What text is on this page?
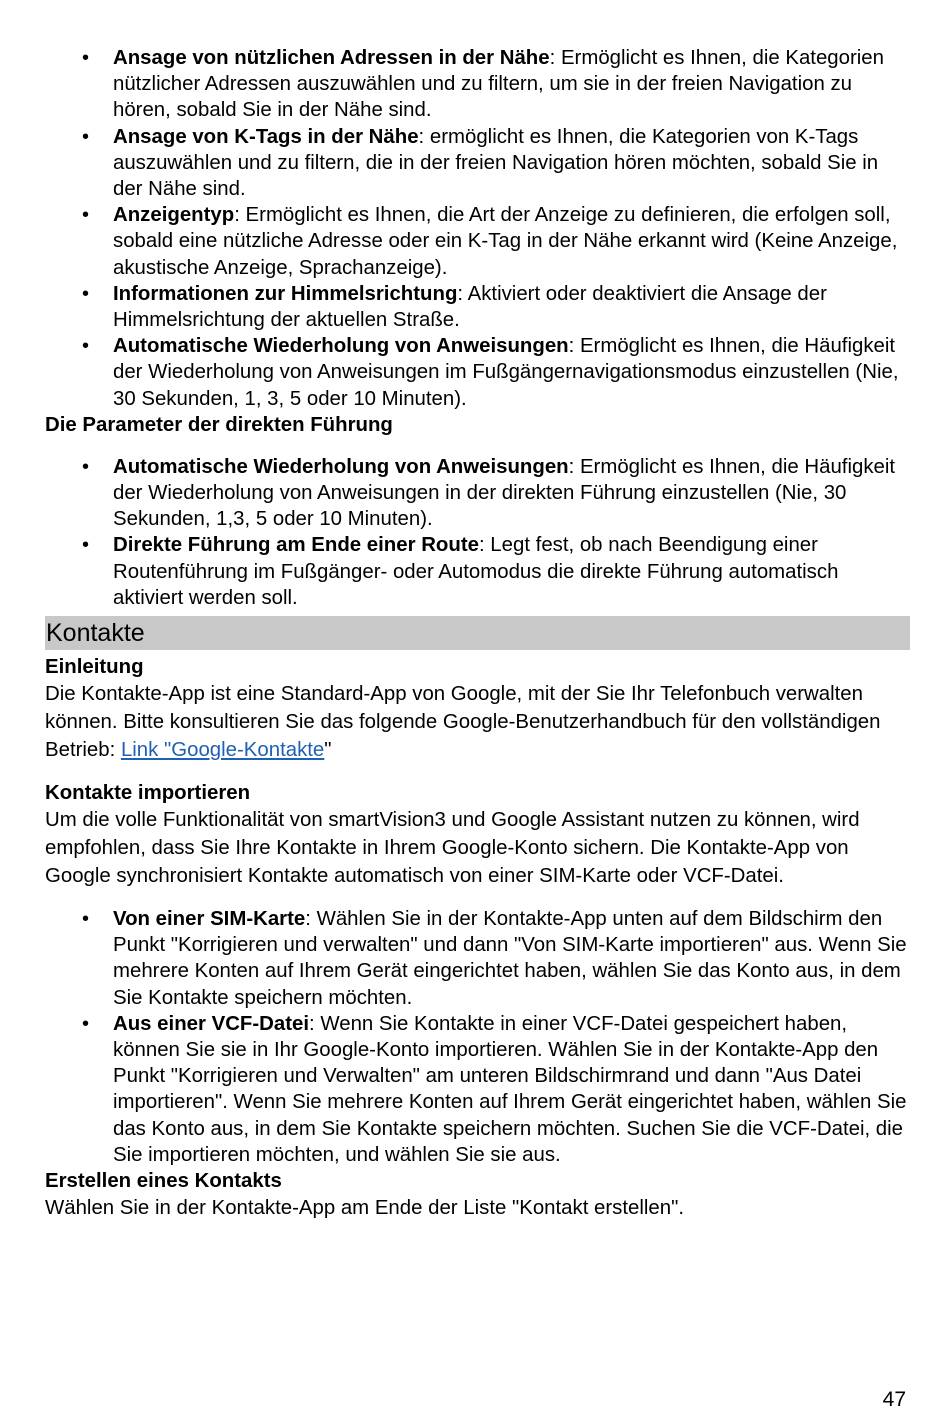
• Ansage von nützlichen Adressen in der Nähe: Ermöglicht es Ihnen, die Kategorien nützlicher Adressen auszuwählen und zu filtern, um sie in der freien Navigation zu hören, sobald Sie in der Nähe sind.
• Ansage von K-Tags in der Nähe: ermöglicht es Ihnen, die Kategorien von K-Tags auszuwählen und zu filtern, die in der freien Navigation hören möchten, sobald Sie in der Nähe sind.
• Anzeigentyp: Ermöglicht es Ihnen, die Art der Anzeige zu definieren, die erfolgen soll, sobald eine nützliche Adresse oder ein K-Tag in der Nähe erkannt wird (Keine Anzeige, akustische Anzeige, Sprachanzeige).
• Informationen zur Himmelsrichtung: Aktiviert oder deaktiviert die Ansage der Himmelsrichtung der aktuellen Straße.
• Automatische Wiederholung von Anweisungen: Ermöglicht es Ihnen, die Häufigkeit der Wiederholung von Anweisungen im Fußgängernavigationsmodus einzustellen (Nie, 30 Sekunden, 1, 3, 5 oder 10 Minuten).
Die Parameter der direkten Führung
• Automatische Wiederholung von Anweisungen: Ermöglicht es Ihnen, die Häufigkeit der Wiederholung von Anweisungen in der direkten Führung einzustellen (Nie, 30 Sekunden, 1,3, 5 oder 10 Minuten).
• Direkte Führung am Ende einer Route: Legt fest, ob nach Beendigung einer Routenführung im Fußgänger- oder Automodus die direkte Führung automatisch aktiviert werden soll.
Kontakte
Einleitung

Die Kontakte-App ist eine Standard-App von Google, mit der Sie Ihr Telefonbuch verwalten können. Bitte konsultieren Sie das folgende Google-Benutzerhandbuch für den vollständigen Betrieb: Link "Google-Kontakte"

Kontakte importieren

Um die volle Funktionalität von smartVision3 und Google Assistant nutzen zu können, wird empfohlen, dass Sie Ihre Kontakte in Ihrem Google-Konto sichern. Die Kontakte-App von Google synchronisiert Kontakte automatisch von einer SIM-Karte oder VCF-Datei.

• Von einer SIM-Karte: Wählen Sie in der Kontakte-App unten auf dem Bildschirm den Punkt "Korrigieren und verwalten" und dann "Von SIM-Karte importieren" aus. Wenn Sie mehrere Konten auf Ihrem Gerät eingerichtet haben, wählen Sie das Konto aus, in dem Sie Kontakte speichern möchten.
• Aus einer VCF-Datei: Wenn Sie Kontakte in einer VCF-Datei gespeichert haben, können Sie sie in Ihr Google-Konto importieren. Wählen Sie in der Kontakte-App den Punkt "Korrigieren und Verwalten" am unteren Bildschirmrand und dann "Aus Datei importieren". Wenn Sie mehrere Konten auf Ihrem Gerät eingerichtet haben, wählen Sie das Konto aus, in dem Sie Kontakte speichern möchten. Suchen Sie die VCF-Datei, die Sie importieren möchten, und wählen Sie sie aus.
Erstellen eines Kontakts

Wählen Sie in der Kontakte-App am Ende der Liste "Kontakt erstellen".

47
